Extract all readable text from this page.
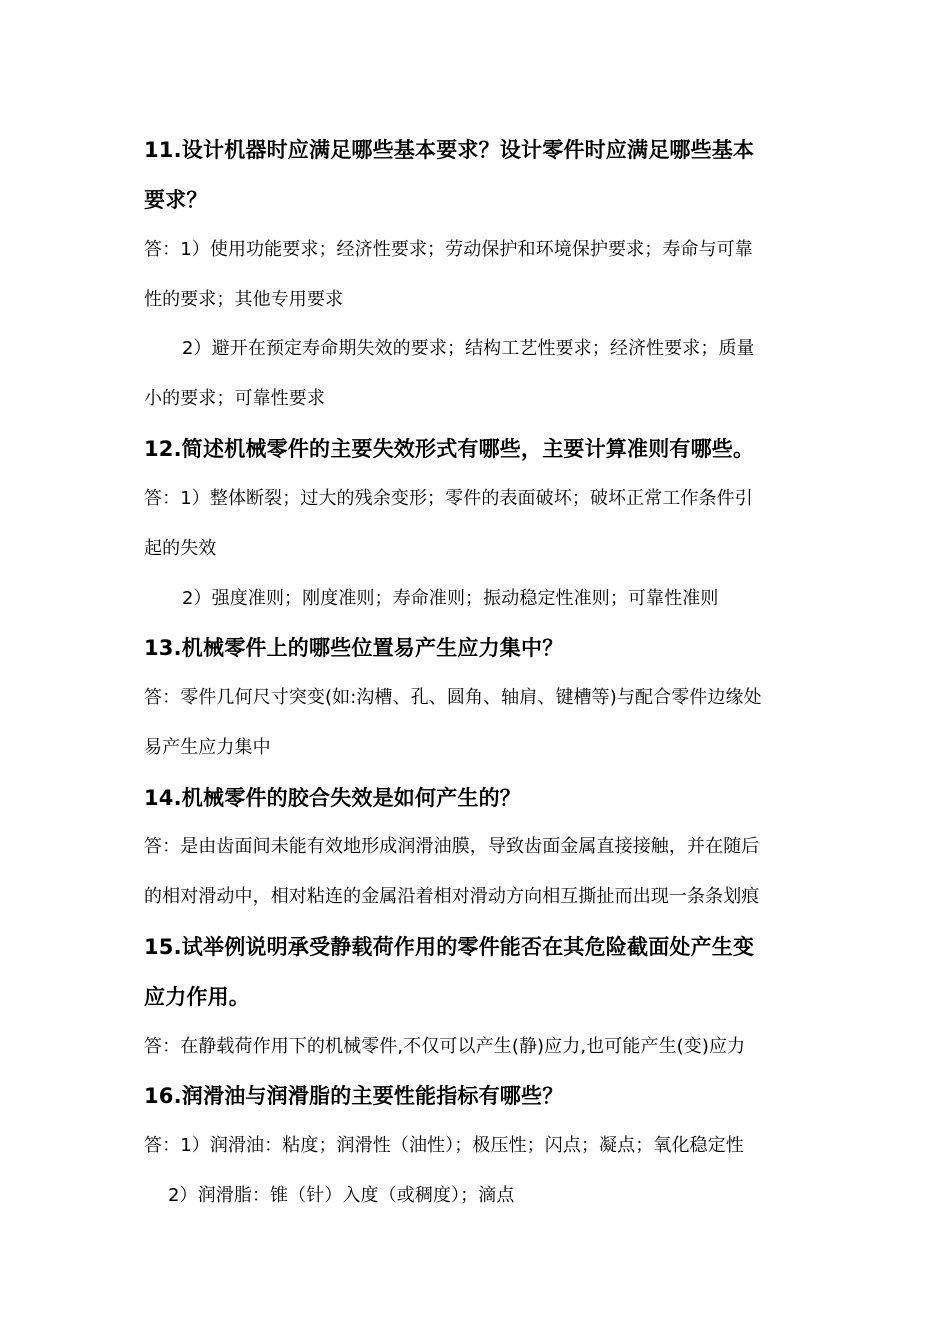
11.设计机器时应满足哪些基本要求？设计零件时应满足哪些基本
要求？
答：1）使用功能要求；经济性要求；劳动保护和环境保护要求；寿命与可靠
性的要求；其他专用要求
2）避开在预定寿命期失效的要求；结构工艺性要求；经济性要求；质量
小的要求；可靠性要求
12.简述机械零件的主要失效形式有哪些，主要计算准则有哪些。
答：1）整体断裂；过大的残余变形；零件的表面破坏；破坏正常工作条件引
起的失效
2）强度准则；刚度准则；寿命准则；振动稳定性准则；可靠性准则
13.机械零件上的哪些位置易产生应力集中？
答：零件几何尺寸突变(如:沟槽、孔、圆角、轴肩、键槽等)与配合零件边缘处
易产生应力集中
14.机械零件的胶合失效是如何产生的？
答：是由齿面间未能有效地形成润滑油膜，导致齿面金属直接接触，并在随后
的相对滑动中，相对粘连的金属沿着相对滑动方向相互撕扯而出现一条条划痕
15.试举例说明承受静载荷作用的零件能否在其危险截面处产生变
应力作用。
答：在静载荷作用下的机械零件,不仅可以产生(静)应力,也可能产生(变)应力
16.润滑油与润滑脂的主要性能指标有哪些？
答：1）润滑油：粘度；润滑性（油性）；极压性；闪点；凝点；氧化稳定性
2）润滑脂：锥（针）入度（或稠度）；滴点
